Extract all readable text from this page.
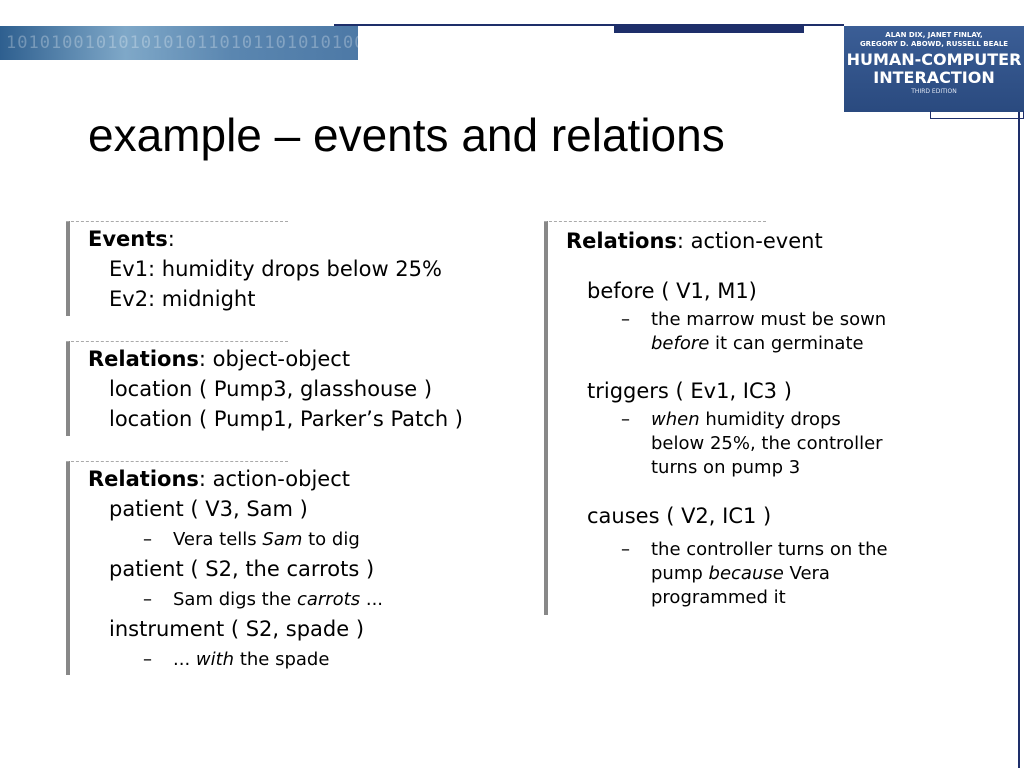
10101001010101010110101101010100101	ALAN DIX, JANET FINLAY,
GREGORY D. ABOWD, RUSSELL BEALE
HUMAN-COMPUTER
INTERACTION
THIRD EDITION
example – events and relations
Events:
Ev1: humidity drops below 25%
Ev2: midnight
Relations: object-object
location ( Pump3, glasshouse )
location ( Pump1, Parker’s Patch )
Relations: action-object
patient ( V3, Sam )
– Vera tells Sam to dig
patient ( S2, the carrots )
– Sam digs the carrots ...
instrument ( S2, spade )
– ... with the spade
Relations: action-event
before ( V1, M1)
– the marrow must be sown
before it can germinate
triggers ( Ev1, IC3 )
– when humidity drops
below 25%, the controller
turns on pump 3
causes ( V2, IC1 )
– the controller turns on the
pump because Vera
programmed it
